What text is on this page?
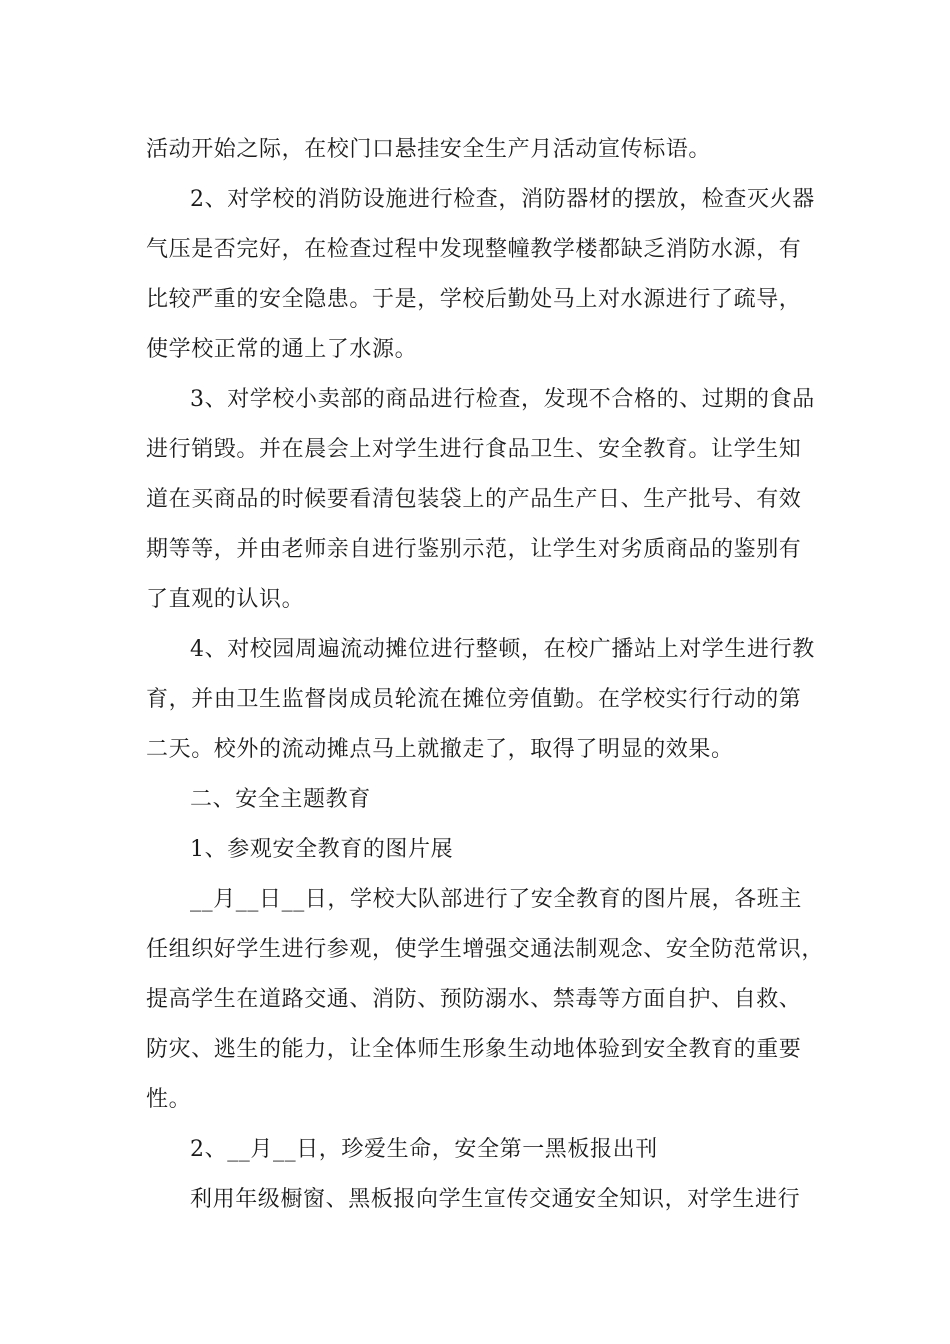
活动开始之际，在校门口悬挂安全生产月活动宣传标语。
2、对学校的消防设施进行检查，消防器材的摆放，检查灭火器
气压是否完好，在检查过程中发现整幢教学楼都缺乏消防水源，有
比较严重的安全隐患。于是，学校后勤处马上对水源进行了疏导，
使学校正常的通上了水源。
3、对学校小卖部的商品进行检查，发现不合格的、过期的食品
进行销毁。并在晨会上对学生进行食品卫生、安全教育。让学生知
道在买商品的时候要看清包装袋上的产品生产日、生产批号、有效
期等等，并由老师亲自进行鉴别示范，让学生对劣质商品的鉴别有
了直观的认识。
4、对校园周遍流动摊位进行整顿，在校广播站上对学生进行教
育，并由卫生监督岗成员轮流在摊位旁值勤。在学校实行行动的第
二天。校外的流动摊点马上就撤走了，取得了明显的效果。
二、安全主题教育
1、参观安全教育的图片展
__月__日__日，学校大队部进行了安全教育的图片展，各班主
任组织好学生进行参观，使学生增强交通法制观念、安全防范常识，
提高学生在道路交通、消防、预防溺水、禁毒等方面自护、自救、
防灾、逃生的能力，让全体师生形象生动地体验到安全教育的重要
性。
2、__月__日，珍爱生命，安全第一黑板报出刊
利用年级橱窗、黑板报向学生宣传交通安全知识，对学生进行
